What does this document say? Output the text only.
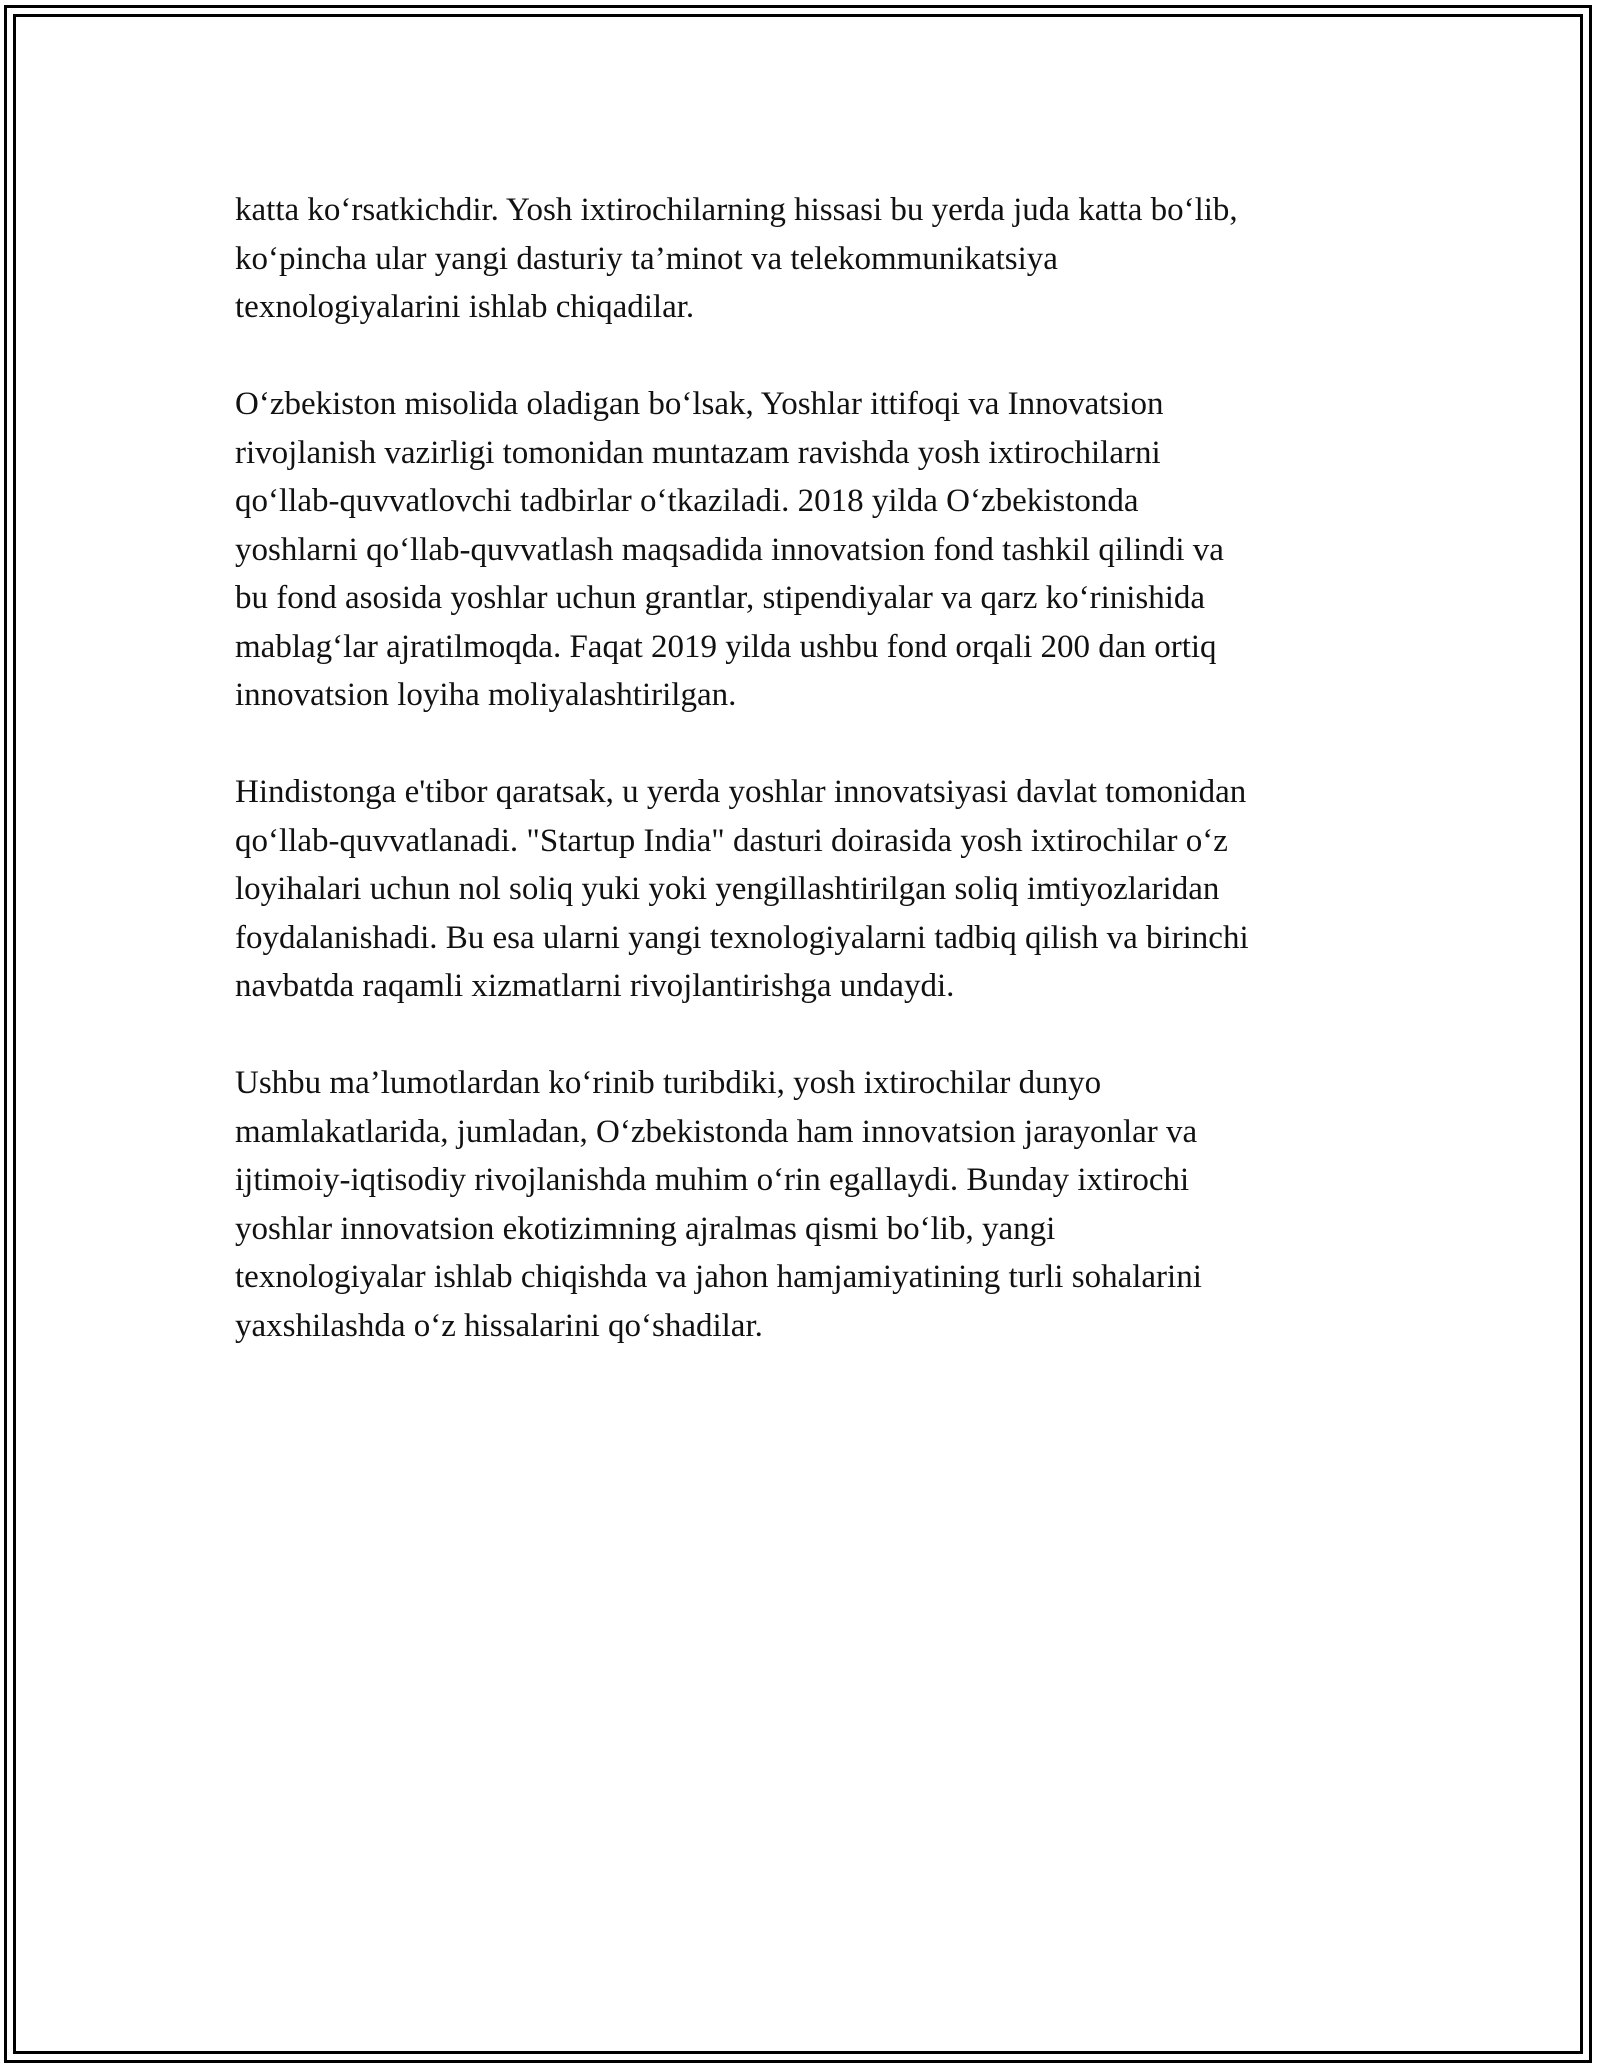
katta ko‘rsatkichdir. Yosh ixtirochilarning hissasi bu yerda juda katta bo‘lib,
ko‘pincha ular yangi dasturiy ta’minot va telekommunikatsiya
texnologiyalarini ishlab chiqadilar.

O‘zbekiston misolida oladigan bo‘lsak, Yoshlar ittifoqi va Innovatsion
rivojlanish vazirligi tomonidan muntazam ravishda yosh ixtirochilarni
qo‘llab-quvvatlovchi tadbirlar o‘tkaziladi. 2018 yilda O‘zbekistonda
yoshlarni qo‘llab-quvvatlash maqsadida innovatsion fond tashkil qilindi va
bu fond asosida yoshlar uchun grantlar, stipendiyalar va qarz ko‘rinishida
mablag‘lar ajratilmoqda. Faqat 2019 yilda ushbu fond orqali 200 dan ortiq
innovatsion loyiha moliyalashtirilgan.

Hindistonga e'tibor qaratsak, u yerda yoshlar innovatsiyasi davlat tomonidan
qo‘llab-quvvatlanadi. "Startup India" dasturi doirasida yosh ixtirochilar o‘z
loyihalari uchun nol soliq yuki yoki yengillashtirilgan soliq imtiyozlaridan
foydalanishadi. Bu esa ularni yangi texnologiyalarni tadbiq qilish va birinchi
navbatda raqamli xizmatlarni rivojlantirishga undaydi.

Ushbu ma’lumotlardan ko‘rinib turibdiki, yosh ixtirochilar dunyo
mamlakatlarida, jumladan, O‘zbekistonda ham innovatsion jarayonlar va
ijtimoiy-iqtisodiy rivojlanishda muhim o‘rin egallaydi. Bunday ixtirochi
yoshlar innovatsion ekotizimning ajralmas qismi bo‘lib, yangi
texnologiyalar ishlab chiqishda va jahon hamjamiyatining turli sohalarini
yaxshilashda o‘z hissalarini qo‘shadilar.
